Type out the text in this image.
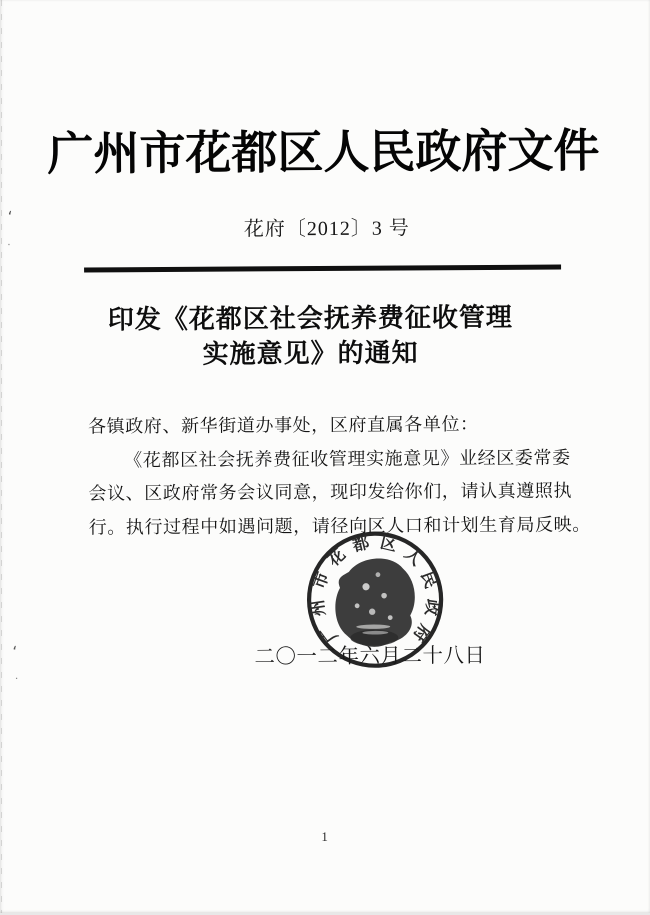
广州市花都区人民政府文件
花府〔2012〕3 号
印发《花都区社会抚养费征收管理
实施意见》的通知
各镇政府、新华街道办事处，区府直属各单位：
《花都区社会抚养费征收管理实施意见》业经区委常委
会议、区政府常务会议同意，现印发给你们，请认真遵照执
行。执行过程中如遇问题，请径向区人口和计划生育局反映。
广
州
市
花
都 区
人
民
政
府
二〇一二年六月二十八日
1
ʻ
˙
ʻ
˙
